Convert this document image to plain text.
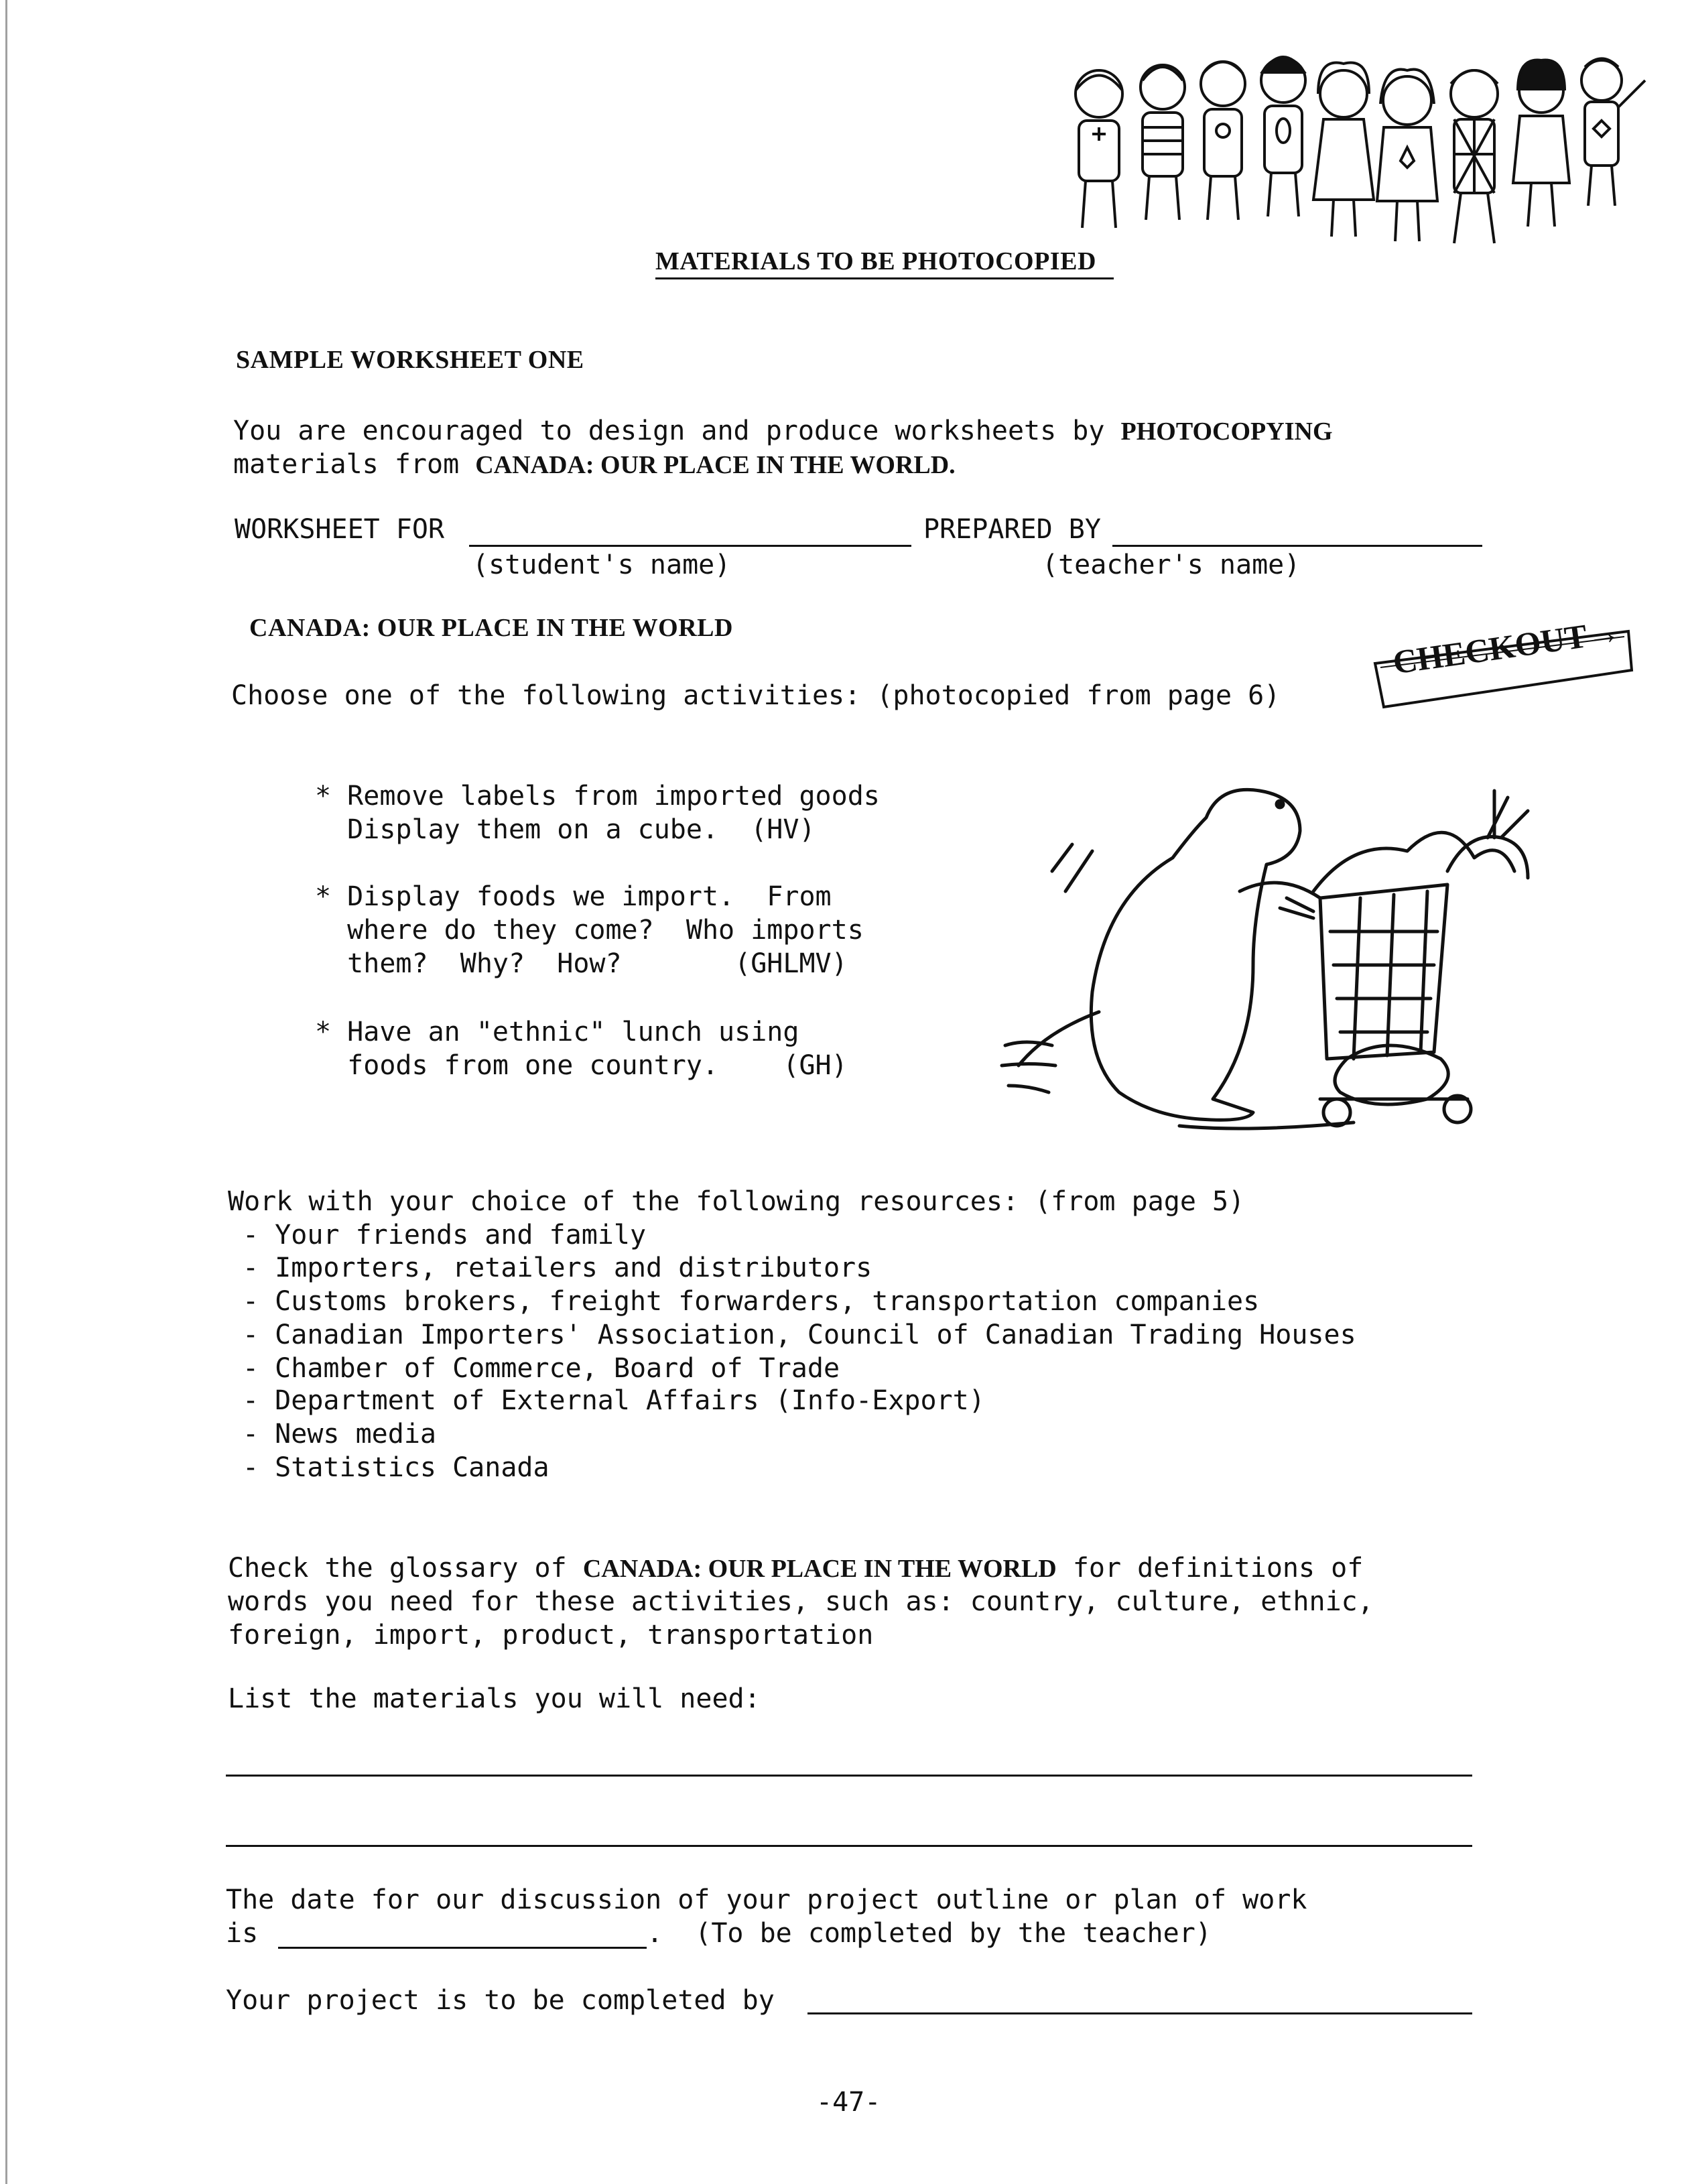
MATERIALS TO BE PHOTOCOPIED
SAMPLE WORKSHEET ONE
You are encouraged to design and produce worksheets by PHOTOCOPYING
materials from CANADA: OUR PLACE IN THE WORLD.
WORKSHEET FOR	PREPARED BY
(student's name)	(teacher's name)
CANADA: OUR PLACE IN THE WORLD
Choose one of the following activities: (photocopied from page 6)
CHECKOUT→
* Remove labels from imported goods
Display them on a cube.  (HV)
* Display foods we import.  From
where do they come?  Who imports
them?  Why?  How?       (GHLMV)
* Have an "ethnic" lunch using
foods from one country.    (GH)
Work with your choice of the following resources: (from page 5)
- Your friends and family
- Importers, retailers and distributors
- Customs brokers, freight forwarders, transportation companies
- Canadian Importers' Association, Council of Canadian Trading Houses
- Chamber of Commerce, Board of Trade
- Department of External Affairs (Info-Export)
- News media
- Statistics Canada
Check the glossary of CANADA: OUR PLACE IN THE WORLD for definitions of
words you need for these activities, such as: country, culture, ethnic,
foreign, import, product, transportation
List the materials you will need:
The date for our discussion of your project outline or plan of work
is	.  (To be completed by the teacher)
Your project is to be completed by
-47-
